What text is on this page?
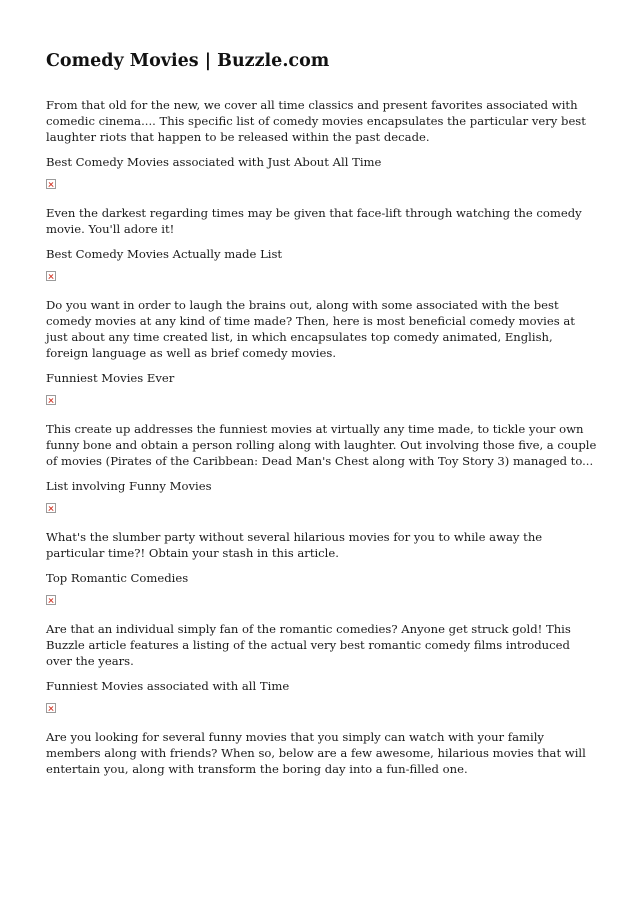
Comedy Movies | Buzzle.com

From that old for the new, we cover all time classics and present favorites associated with comedic cinema.... This specific list of comedy movies encapsulates the particular very best laughter riots that happen to be released within the past decade.

Best Comedy Movies associated with Just About All Time

Even the darkest regarding times may be given that face-lift through watching the comedy movie. You'll adore it!

Best Comedy Movies Actually made List

Do you want in order to laugh the brains out, along with some associated with the best comedy movies at any kind of time made? Then, here is most beneficial comedy movies at just about any time created list, in which encapsulates top comedy animated, English, foreign language as well as brief comedy movies.

Funniest Movies Ever

This create up addresses the funniest movies at virtually any time made, to tickle your own funny bone and obtain a person rolling along with laughter. Out involving those five, a couple of movies (Pirates of the Caribbean: Dead Man's Chest along with Toy Story 3) managed to...

List involving Funny Movies

What's the slumber party without several hilarious movies for you to while away the particular time?! Obtain your stash in this article.

Top Romantic Comedies

Are that an individual simply fan of the romantic comedies? Anyone get struck gold! This Buzzle article features a listing of the actual very best romantic comedy films introduced over the years.

Funniest Movies associated with all Time

Are you looking for several funny movies that you simply can watch with your family members along with friends? When so, below are a few awesome, hilarious movies that will entertain you, along with transform the boring day into a fun-filled one.
